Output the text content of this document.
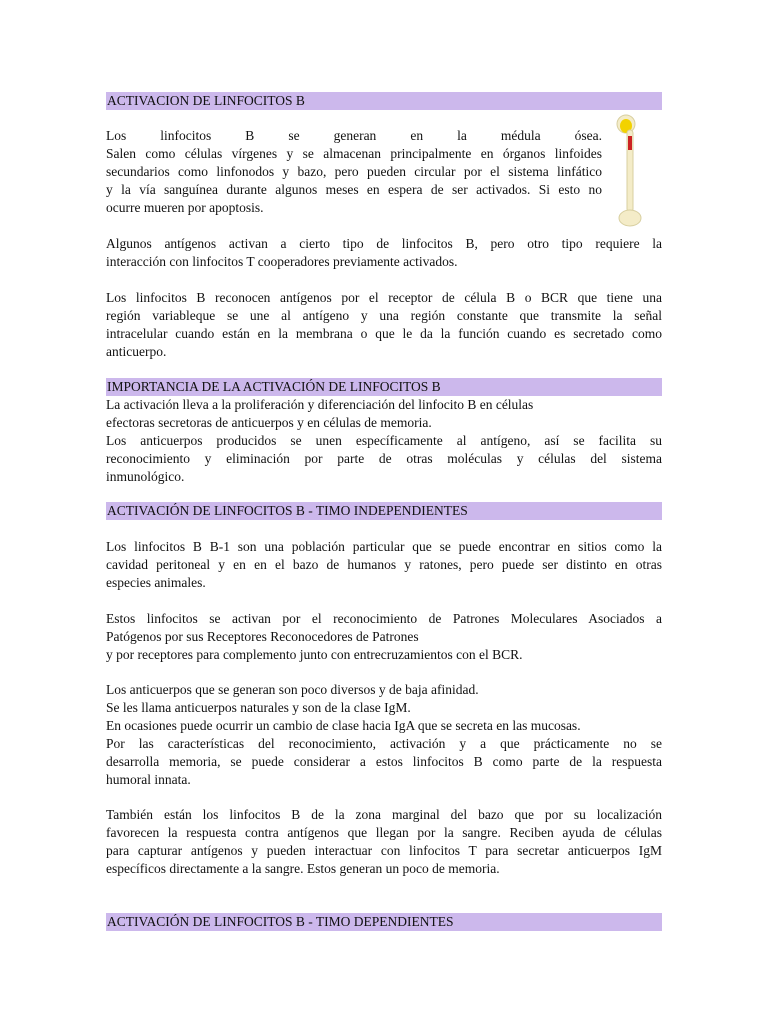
ACTIVACION DE LINFOCITOS B
Los linfocitos B se generan en la médula ósea.
Salen como células vírgenes y se almacenan principalmente en órganos linfoides
secundarios como linfonodos y bazo, pero pueden circular por el sistema linfático
y la vía sanguínea durante algunos meses en espera de ser activados. Si esto no
ocurre mueren por apoptosis.
Algunos antígenos activan a cierto tipo de linfocitos B, pero otro tipo requiere la
interacción con linfocitos T cooperadores previamente activados.
Los linfocitos B reconocen antígenos por el receptor de célula B o BCR que tiene una
región variableque se une al antígeno y una región constante que transmite la señal
intracelular cuando están en la membrana o que le da la función cuando es secretado como
anticuerpo.
IMPORTANCIA DE LA ACTIVACIÓN DE LINFOCITOS B
La activación lleva a la proliferación y diferenciación del linfocito B en células
efectoras secretoras de anticuerpos y en células de memoria.
Los anticuerpos producidos se unen específicamente al antígeno, así se facilita su
reconocimiento y eliminación por parte de otras moléculas y células del sistema
inmunológico.
ACTIVACIÓN DE LINFOCITOS B - TIMO INDEPENDIENTES
Los linfocitos B B-1 son una población particular que se puede encontrar en sitios como la
cavidad peritoneal y en en el bazo de humanos y ratones, pero puede ser distinto en otras
especies animales.
Estos linfocitos se activan por el reconocimiento de Patrones Moleculares Asociados a
Patógenos por sus Receptores Reconocedores de Patrones
y por receptores para complemento junto con entrecruzamientos con el BCR.
Los anticuerpos que se generan son poco diversos y de baja afinidad.
Se les llama anticuerpos naturales y son de la clase IgM.
En ocasiones puede ocurrir un cambio de clase hacia IgA que se secreta en las mucosas.
Por las características del reconocimiento, activación y a que prácticamente no se
desarrolla memoria, se puede considerar a estos linfocitos B como parte de la respuesta
humoral innata.
También están los linfocitos B de la zona marginal del bazo que por su localización
favorecen la respuesta contra antígenos que llegan por la sangre. Reciben ayuda de células
para capturar antígenos y pueden interactuar con linfocitos T para secretar anticuerpos IgM
específicos directamente a la sangre. Estos generan un poco de memoria.
ACTIVACIÓN DE LINFOCITOS B - TIMO DEPENDIENTES
